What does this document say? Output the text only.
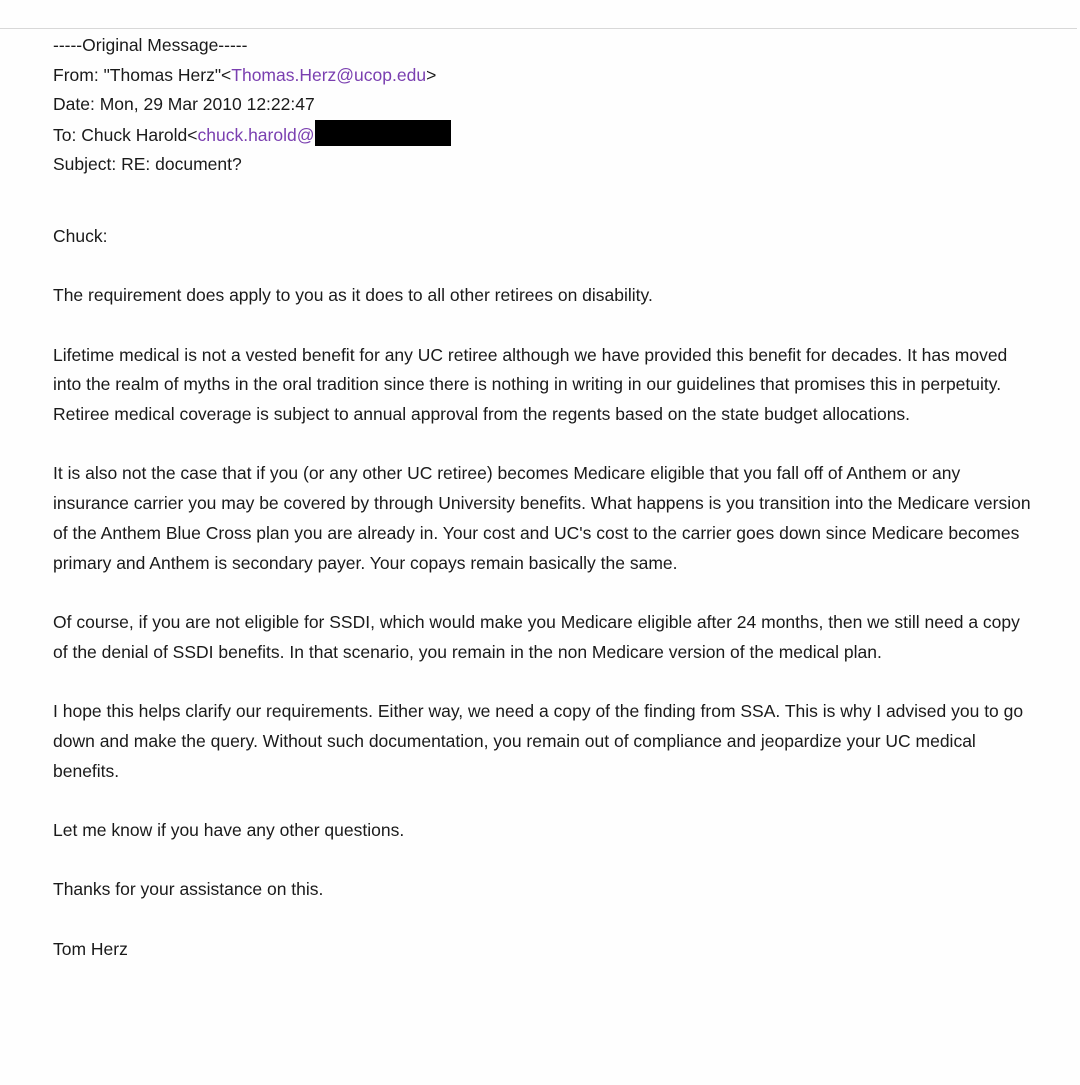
-----Original Message-----
From: "Thomas Herz"<Thomas.Herz@ucop.edu>
Date: Mon, 29 Mar 2010 12:22:47
To: Chuck Harold<chuck.harold@
Subject: RE: document?

Chuck:

The requirement does apply to you as it does to all other retirees on disability.

Lifetime medical is not a vested benefit for any UC retiree although we have provided this benefit for decades. It has moved into the realm of myths in the oral tradition since there is nothing in writing in our guidelines that promises this in perpetuity. Retiree medical coverage is subject to annual approval from the regents based on the state budget allocations.

It is also not the case that if you (or any other UC retiree) becomes Medicare eligible that you fall off of Anthem or any insurance carrier you may be covered by through University benefits. What happens is you transition into the Medicare version of the Anthem Blue Cross plan you are already in. Your cost and UC's cost to the carrier goes down since Medicare becomes primary and Anthem is secondary payer. Your copays remain basically the same.

Of course, if you are not eligible for SSDI, which would make you Medicare eligible after 24 months, then we still need a copy of the denial of SSDI benefits. In that scenario, you remain in the non Medicare version of the medical plan.

I hope this helps clarify our requirements. Either way, we need a copy of the finding from SSA. This is why I advised you to go down and make the query. Without such documentation, you remain out of compliance and jeopardize your UC medical benefits.

Let me know if you have any other questions.

Thanks for your assistance on this.

Tom Herz
